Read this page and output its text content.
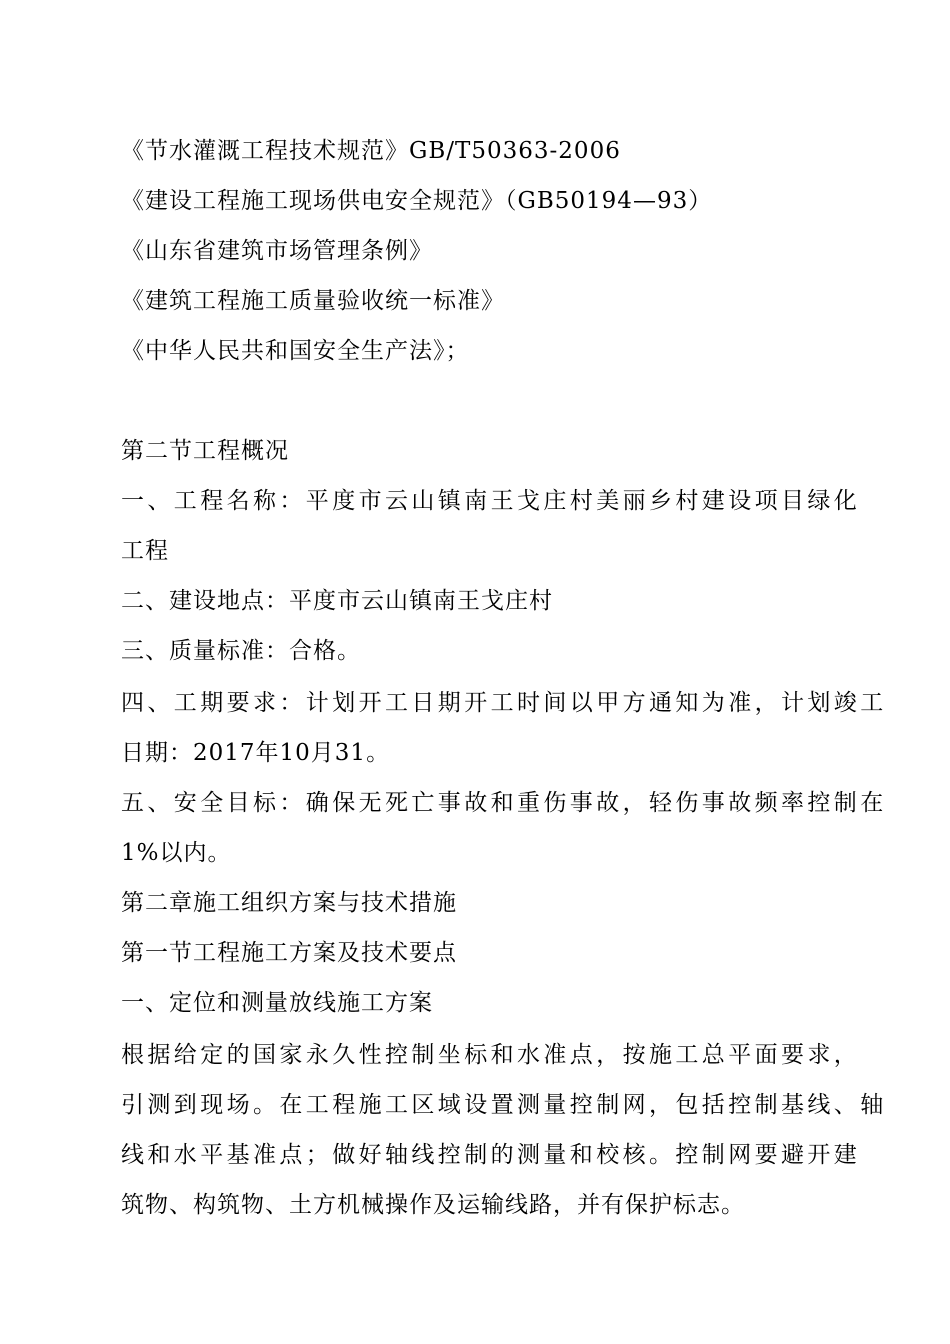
《节水灌溉工程技术规范》GB/T50363-2006
《建设工程施工现场供电安全规范》（GB50194—93）
《山东省建筑市场管理条例》
《建筑工程施工质量验收统一标准》
《中华人民共和国安全生产法》；
第二节工程概况
一、工程名称：平度市云山镇南王戈庄村美丽乡村建设项目绿化
工程
二、建设地点：平度市云山镇南王戈庄村
三、质量标准：合格。
四、工期要求：计划开工日期开工时间以甲方通知为准，计划竣工
日期：2017年10月31。
五、安全目标：确保无死亡事故和重伤事故，轻伤事故频率控制在
1%以内。
第二章施工组织方案与技术措施
第一节工程施工方案及技术要点
一、定位和测量放线施工方案
根据给定的国家永久性控制坐标和水准点，按施工总平面要求，
引测到现场。在工程施工区域设置测量控制网，包括控制基线、轴
线和水平基准点；做好轴线控制的测量和校核。控制网要避开建
筑物、构筑物、土方机械操作及运输线路，并有保护标志。
